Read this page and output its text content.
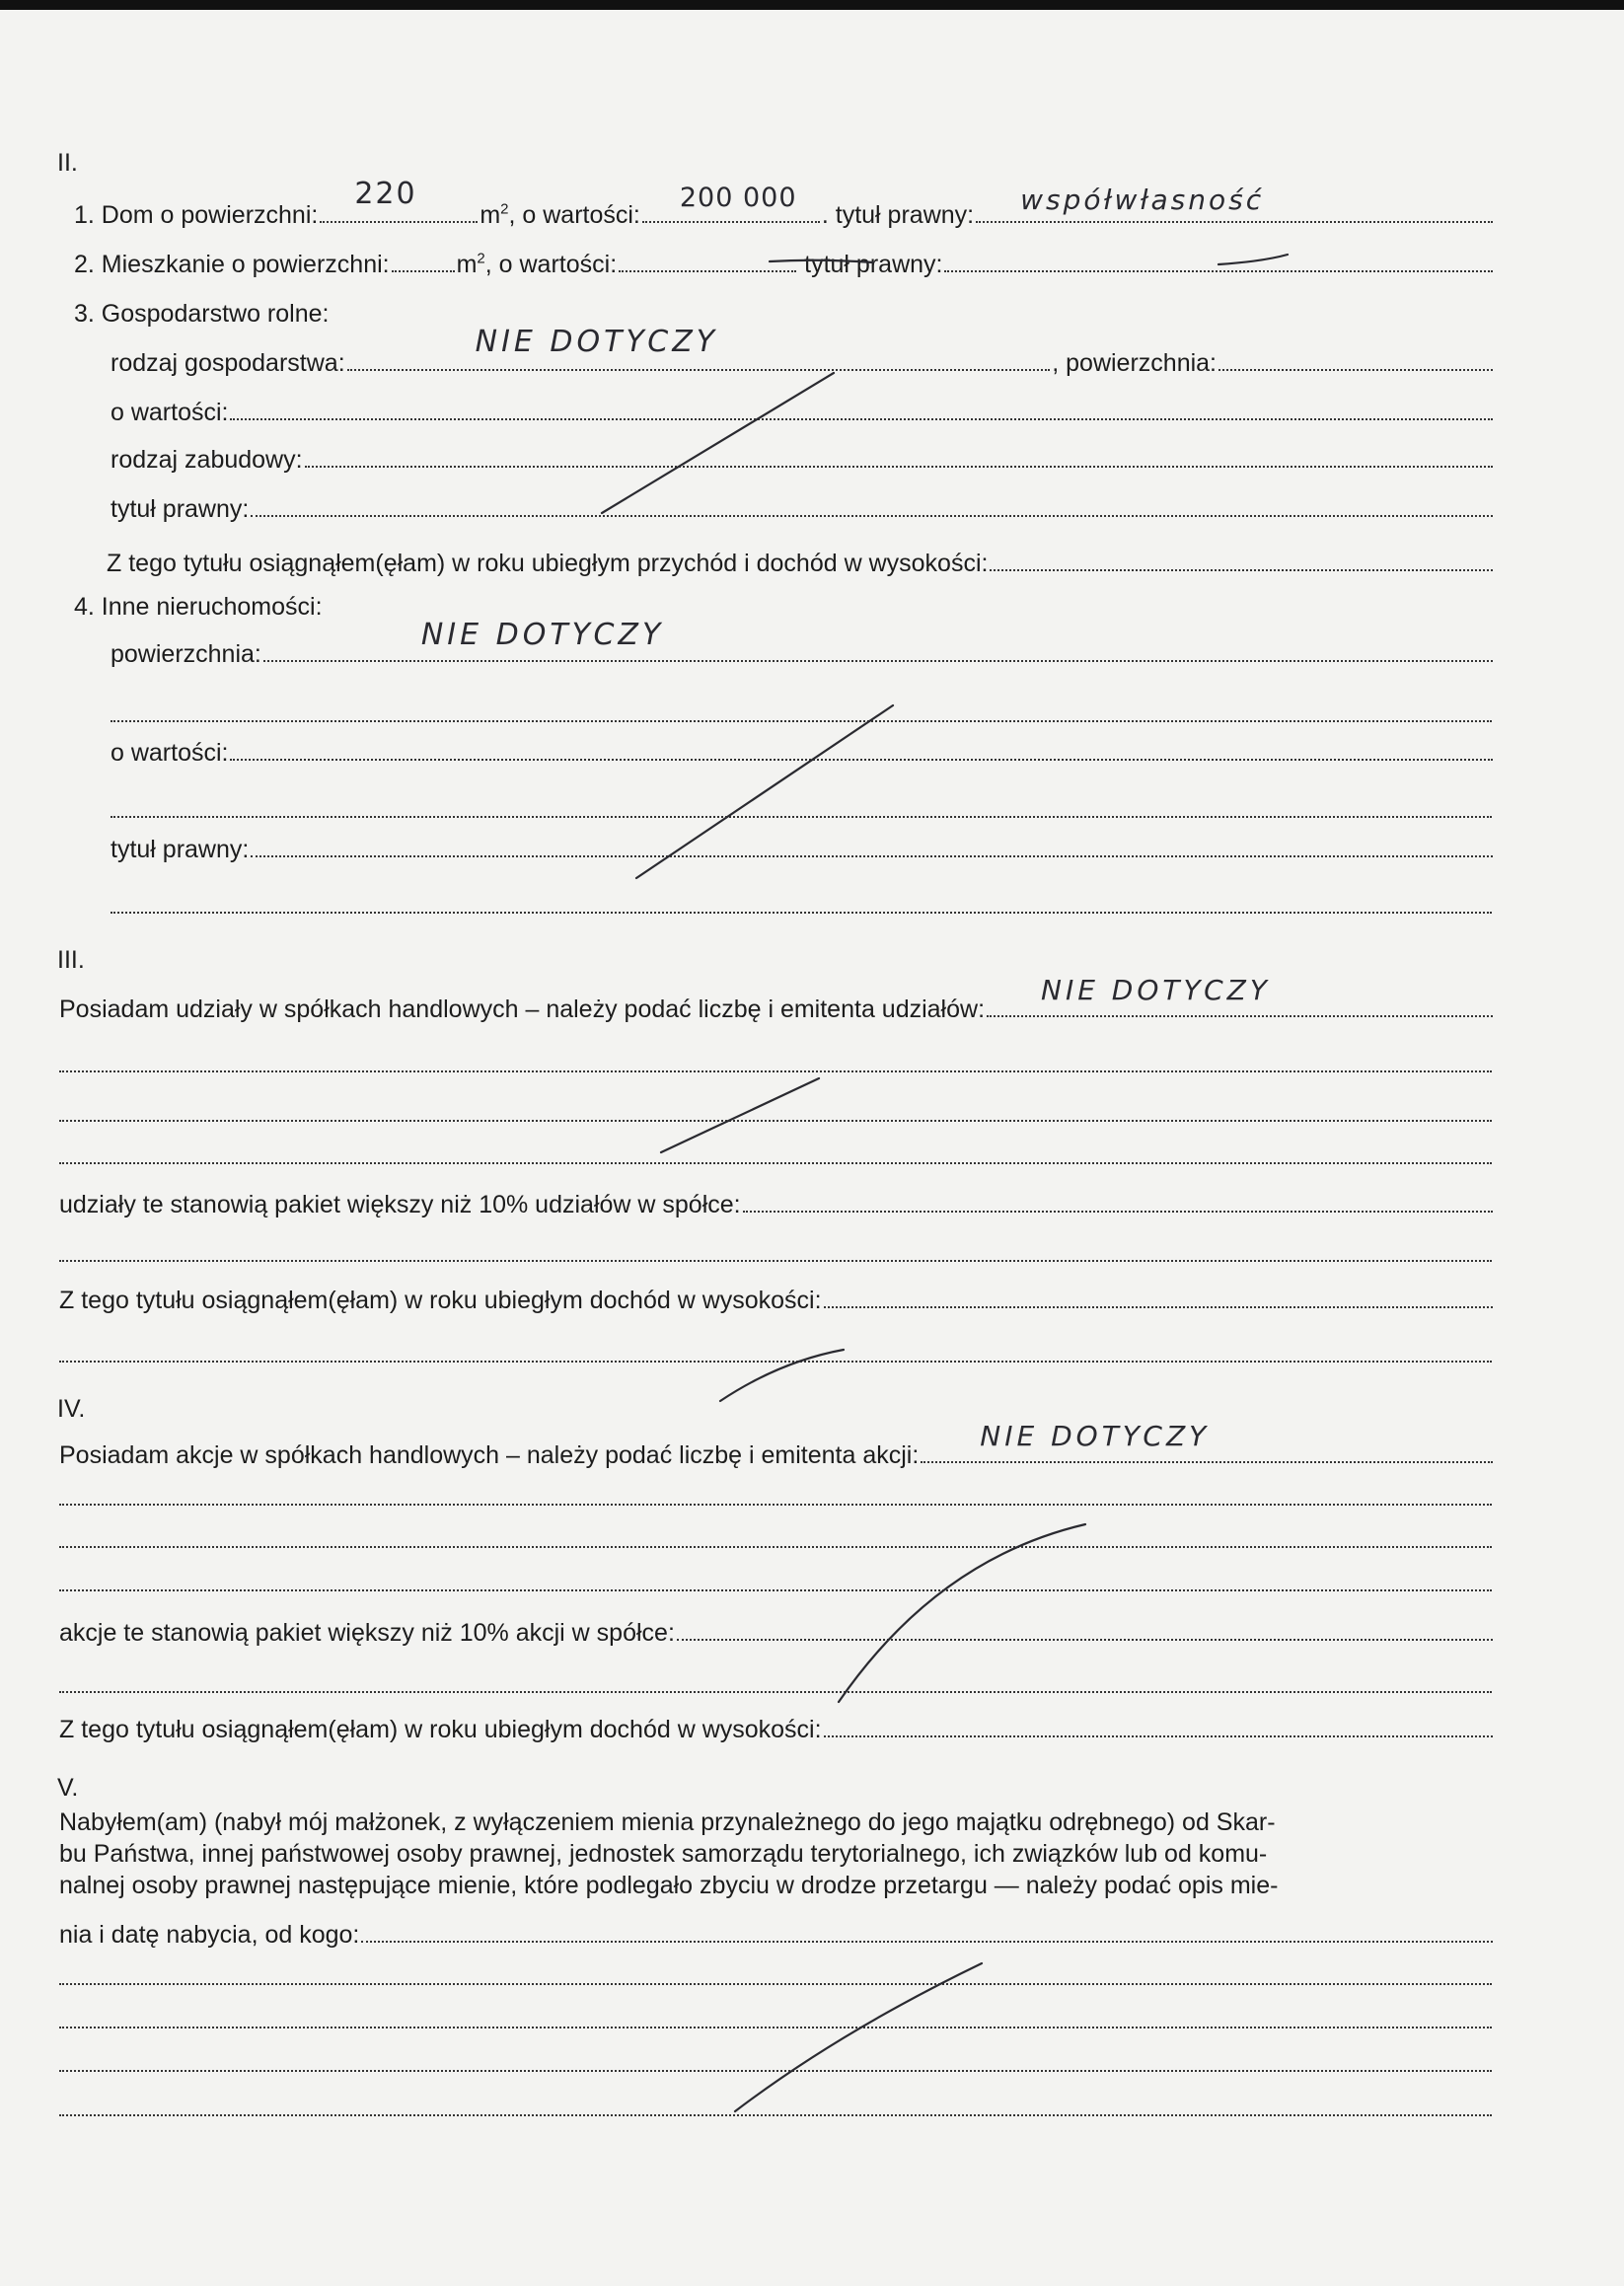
II.
1. Dom o powierzchni:
220
$m^2$ , o wartości:
200 000
. tytuł prawny: współwłasność
2. Mieszkanie o powierzchni:	$m^2$ , o wartości:	tytuł prawny:
3. Gospodarstwo rolne:
rodzaj gospodarstwa:
NIE DOTYCZY
, powierzchnia:
o wartości:
rodzaj zabudowy:
tytuł prawny:
Z tego tytułu osiągnąłem(ęłam) w roku ubiegłym przychód i dochód w wysokości:
4. Inne nieruchomości:
powierzchnia:
NIE DOTYCZY
o wartości:
tytuł prawny:
III.
Posiadam udziały w spółkach handlowych – należy podać liczbę i emitenta udziałów:
NIE DOTYCZY
udziały te stanowią pakiet większy niż 10% udziałów w spółce:
Z tego tytułu osiągnąłem(ęłam) w roku ubiegłym dochód w wysokości:
IV.
Posiadam akcje w spółkach handlowych – należy podać liczbę i emitenta akcji:
NIE DOTYCZY
akcje te stanowią pakiet większy niż 10% akcji w spółce:
Z tego tytułu osiągnąłem(ęłam) w roku ubiegłym dochód w wysokości:
V.
Nabyłem(am) (nabył mój małżonek, z wyłączeniem mienia przynależnego do jego majątku odrębnego) od Skar-
bu Państwa, innej państwowej osoby prawnej, jednostek samorządu terytorialnego, ich związków lub od komu-
nalnej osoby prawnej następujące mienie, które podlegało zbyciu w drodze przetargu — należy podać opis mie-
nia i datę nabycia, od kogo:
